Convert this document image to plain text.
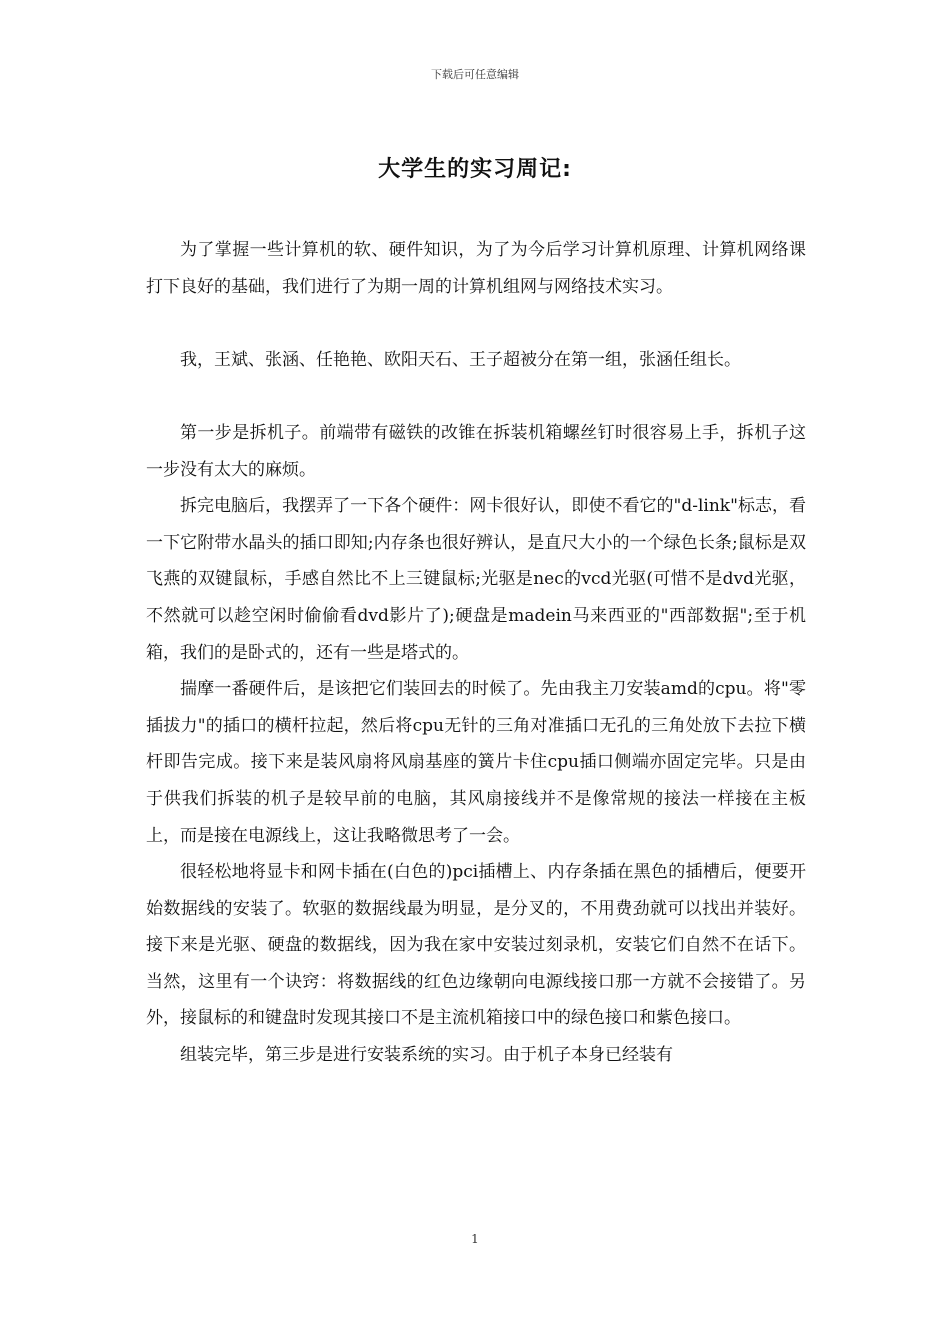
下载后可任意编辑
大学生的实习周记:

为了掌握一些计算机的软、硬件知识，为了为今后学习计算机原理、计算机网络课打下良好的基础，我们进行了为期一周的计算机组网与网络技术实习。

我，王斌、张涵、任艳艳、欧阳天石、王子超被分在第一组，张涵任组长。

第一步是拆机子。前端带有磁铁的改锥在拆装机箱螺丝钉时很容易上手，拆机子这一步没有太大的麻烦。

拆完电脑后，我摆弄了一下各个硬件：网卡很好认，即使不看它的"d-link"标志，看一下它附带水晶头的插口即知;内存条也很好辨认，是直尺大小的一个绿色长条;鼠标是双飞燕的双键鼠标，手感自然比不上三键鼠标;光驱是nec的vcd光驱(可惜不是dvd光驱，不然就可以趁空闲时偷偷看dvd影片了);硬盘是madein马来西亚的"西部数据";至于机箱，我们的是卧式的，还有一些是塔式的。

揣摩一番硬件后，是该把它们装回去的时候了。先由我主刀安装amd的cpu。将"零插拔力"的插口的横杆拉起，然后将cpu无针的三角对准插口无孔的三角处放下去拉下横杆即告完成。接下来是装风扇将风扇基座的簧片卡住cpu插口侧端亦固定完毕。只是由于供我们拆装的机子是较早前的电脑，其风扇接线并不是像常规的接法一样接在主板上，而是接在电源线上，这让我略微思考了一会。

很轻松地将显卡和网卡插在(白色的)pci插槽上、内存条插在黑色的插槽后，便要开始数据线的安装了。软驱的数据线最为明显，是分叉的，不用费劲就可以找出并装好。接下来是光驱、硬盘的数据线，因为我在家中安装过刻录机，安装它们自然不在话下。当然，这里有一个诀窍：将数据线的红色边缘朝向电源线接口那一方就不会接错了。另外，接鼠标的和键盘时发现其接口不是主流机箱接口中的绿色接口和紫色接口。

组装完毕，第三步是进行安装系统的实习。由于机子本身已经装有

1
